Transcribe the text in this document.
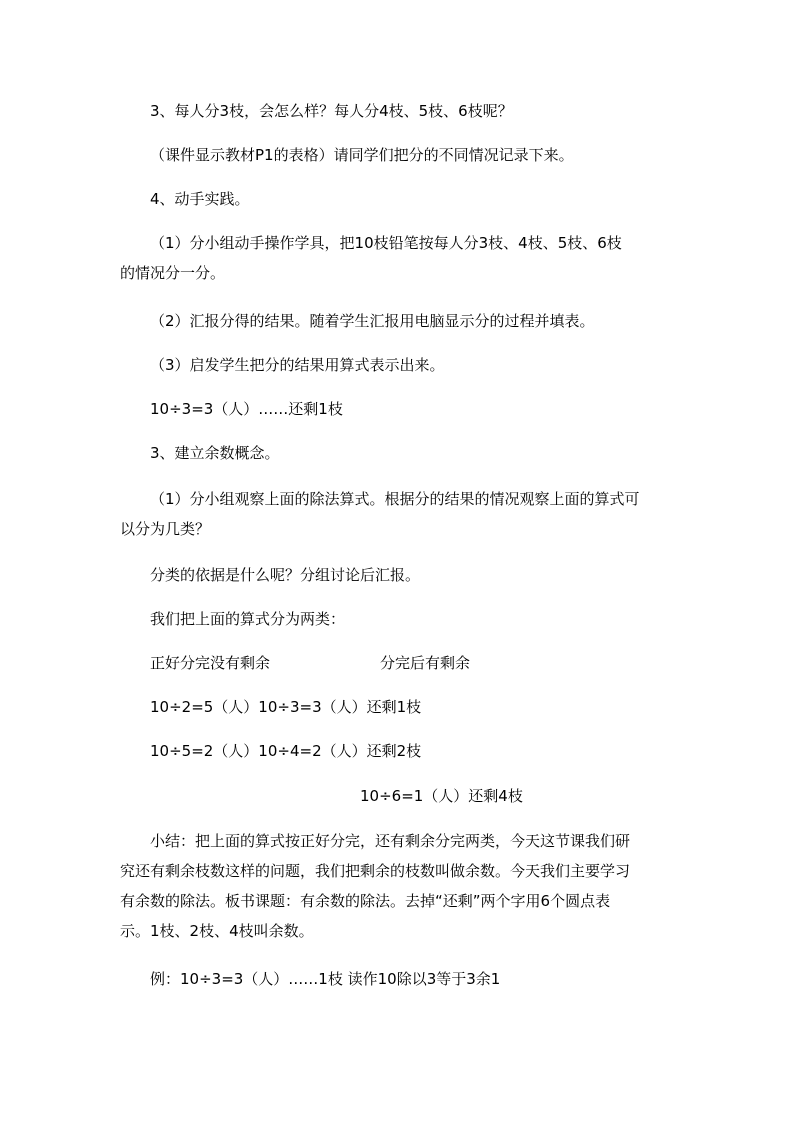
3、每人分3枝，会怎么样？每人分4枝、5枝、6枝呢？
（课件显示教材P1的表格）请同学们把分的不同情况记录下来。
4、动手实践。
（1）分小组动手操作学具，把10枝铅笔按每人分3枝、4枝、5枝、6枝
的情况分一分。
（2）汇报分得的结果。随着学生汇报用电脑显示分的过程并填表。
（3）启发学生把分的结果用算式表示出来。
10÷3=3（人）……还剩1枝
3、建立余数概念。
（1）分小组观察上面的除法算式。根据分的结果的情况观察上面的算式可
以分为几类？
分类的依据是什么呢？分组讨论后汇报。
我们把上面的算式分为两类：
正好分完没有剩余	分完后有剩余
10÷2=5（人）10÷3=3（人）还剩1枝
10÷5=2（人）10÷4=2（人）还剩2枝
10÷6=1（人）还剩4枝
小结：把上面的算式按正好分完，还有剩余分完两类，今天这节课我们研
究还有剩余枝数这样的问题，我们把剩余的枝数叫做余数。今天我们主要学习
有余数的除法。板书课题：有余数的除法。去掉“还剩”两个字用6个圆点表
示。1枝、2枝、4枝叫余数。
例：10÷3=3（人）……1枝 读作10除以3等于3余1
